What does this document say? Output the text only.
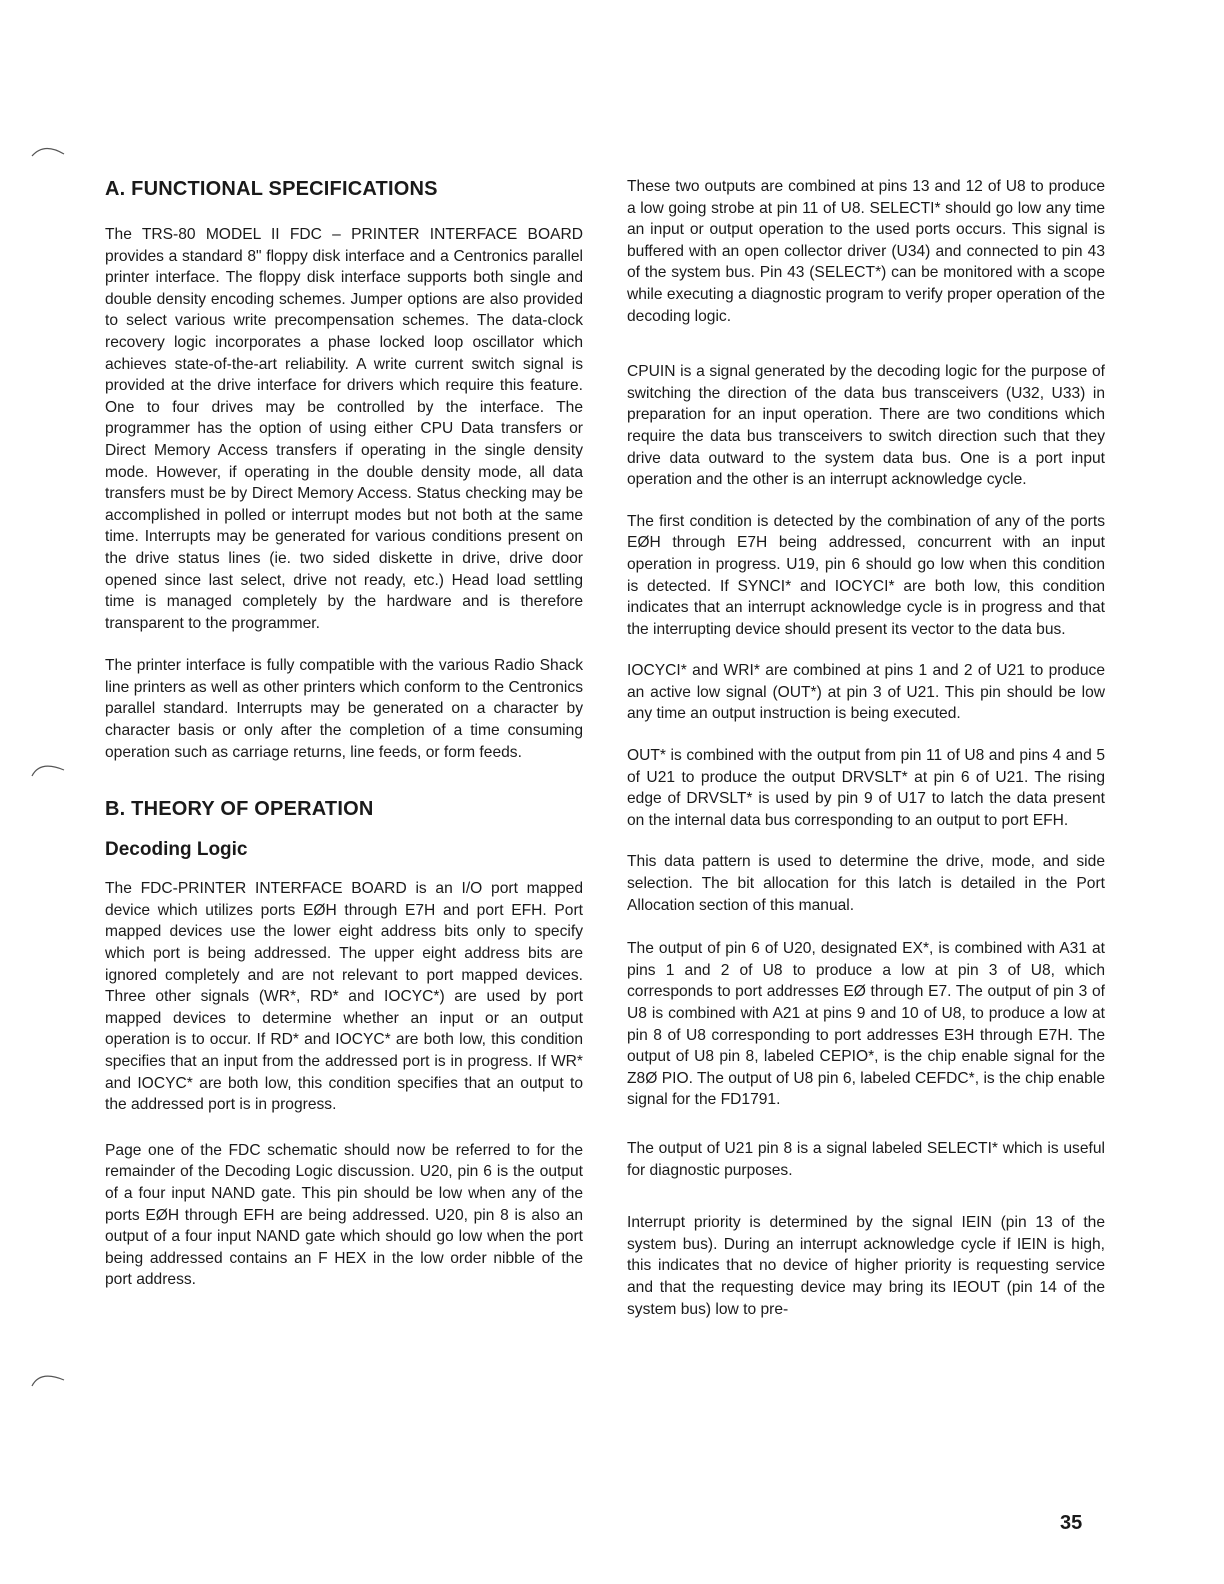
A. FUNCTIONAL SPECIFICATIONS

The TRS-80 MODEL II FDC – PRINTER INTERFACE BOARD provides a standard 8" floppy disk interface and a Centronics parallel printer interface. The floppy disk interface supports both single and double density encoding schemes. Jumper options are also provided to select various write precompensation schemes. The data-clock recovery logic incorporates a phase locked loop oscillator which achieves state-of-the-art reliability. A write current switch signal is provided at the drive interface for drivers which require this feature. One to four drives may be controlled by the interface. The programmer has the option of using either CPU Data transfers or Direct Memory Access transfers if operating in the single density mode. However, if operating in the double density mode, all data transfers must be by Direct Memory Access. Status checking may be accomplished in polled or interrupt modes but not both at the same time. Interrupts may be generated for various conditions present on the drive status lines (ie. two sided diskette in drive, drive door opened since last select, drive not ready, etc.) Head load settling time is managed completely by the hardware and is therefore transparent to the programmer.

The printer interface is fully compatible with the various Radio Shack line printers as well as other printers which conform to the Centronics parallel standard. Interrupts may be generated on a character by character basis or only after the completion of a time consuming operation such as carriage returns, line feeds, or form feeds.

B. THEORY OF OPERATION
Decoding Logic

The FDC-PRINTER INTERFACE BOARD is an I/O port mapped device which utilizes ports EØH through E7H and port EFH. Port mapped devices use the lower eight address bits only to specify which port is being addressed. The upper eight address bits are ignored completely and are not relevant to port mapped devices. Three other signals (WR*, RD* and IOCYC*) are used by port mapped devices to determine whether an input or an output operation is to occur. If RD* and IOCYC* are both low, this condition specifies that an input from the addressed port is in progress. If WR* and IOCYC* are both low, this condition specifies that an output to the addressed port is in progress.

Page one of the FDC schematic should now be referred to for the remainder of the Decoding Logic discussion. U20, pin 6 is the output of a four input NAND gate. This pin should be low when any of the ports EØH through EFH are being addressed. U20, pin 8 is also an output of a four input NAND gate which should go low when the port being addressed contains an F HEX in the low order nibble of the port address.

These two outputs are combined at pins 13 and 12 of U8 to produce a low going strobe at pin 11 of U8. SELECTI* should go low any time an input or output operation to the used ports occurs. This signal is buffered with an open collector driver (U34) and connected to pin 43 of the system bus. Pin 43 (SELECT*) can be monitored with a scope while executing a diagnostic program to verify proper operation of the decoding logic.

CPUIN is a signal generated by the decoding logic for the purpose of switching the direction of the data bus transceivers (U32, U33) in preparation for an input operation. There are two conditions which require the data bus transceivers to switch direction such that they drive data outward to the system data bus. One is a port input operation and the other is an interrupt acknowledge cycle.

The first condition is detected by the combination of any of the ports EØH through E7H being addressed, concurrent with an input operation in progress. U19, pin 6 should go low when this condition is detected. If SYNCI* and IOCYCI* are both low, this condition indicates that an interrupt acknowledge cycle is in progress and that the interrupting device should present its vector to the data bus.

IOCYCI* and WRI* are combined at pins 1 and 2 of U21 to produce an active low signal (OUT*) at pin 3 of U21. This pin should be low any time an output instruction is being executed.

OUT* is combined with the output from pin 11 of U8 and pins 4 and 5 of U21 to produce the output DRVSLT* at pin 6 of U21. The rising edge of DRVSLT* is used by pin 9 of U17 to latch the data present on the internal data bus corresponding to an output to port EFH.

This data pattern is used to determine the drive, mode, and side selection. The bit allocation for this latch is detailed in the Port Allocation section of this manual.

The output of pin 6 of U20, designated EX*, is combined with A31 at pins 1 and 2 of U8 to produce a low at pin 3 of U8, which corresponds to port addresses EØ through E7. The output of pin 3 of U8 is combined with A21 at pins 9 and 10 of U8, to produce a low at pin 8 of U8 corresponding to port addresses E3H through E7H. The output of U8 pin 8, labeled CEPIO*, is the chip enable signal for the Z8Ø PIO. The output of U8 pin 6, labeled CEFDC*, is the chip enable signal for the FD1791.

The output of U21 pin 8 is a signal labeled SELECTI* which is useful for diagnostic purposes.

Interrupt priority is determined by the signal IEIN (pin 13 of the system bus). During an interrupt acknowledge cycle if IEIN is high, this indicates that no device of higher priority is requesting service and that the requesting device may bring its IEOUT (pin 14 of the system bus) low to pre-

35
